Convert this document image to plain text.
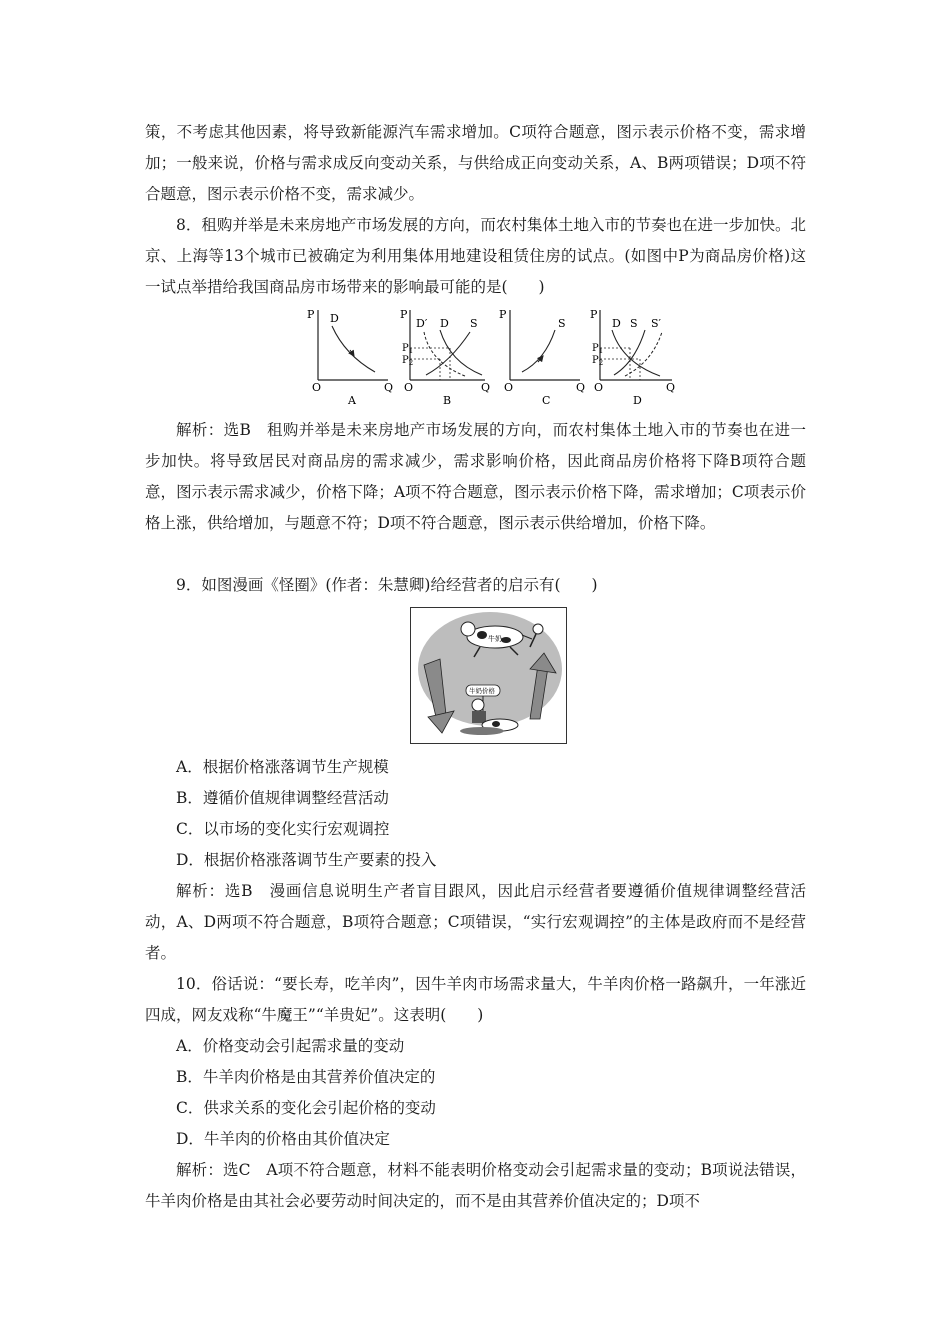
策，不考虑其他因素，将导致新能源汽车需求增加。C项符合题意，图示表示价格不变，需求增加；一般来说，价格与需求成反向变动关系，与供给成正向变动关系，A、B两项错误；D项不符合题意，图示表示价格不变，需求减少。

8．租购并举是未来房地产市场发展的方向，而农村集体土地入市的节奏也在进一步加快。北京、上海等13个城市已被确定为利用集体用地建设租赁住房的试点。(如图中P为商品房价格)这一试点举措给我国商品房市场带来的影响最可能的是(　　)

P D
O	Q
A
P
D′ D S
$P_1$
$P_2$
O	Q
B
P
S
O	Q
C
P
D S S′
$P_1$
$P_2$
O	Q
D

解析：选B　租购并举是未来房地产市场发展的方向，而农村集体土地入市的节奏也在进一步加快。将导致居民对商品房的需求减少，需求影响价格，因此商品房价格将下降B项符合题意，图示表示需求减少，价格下降；A项不符合题意，图示表示价格下降，需求增加；C项表示价格上涨，供给增加，与题意不符；D项不符合题意，图示表示供给增加，价格下降。

9．如图漫画《怪圈》(作者：朱慧卿)给经营者的启示有(　　)

牛奶
牛奶价格

A．根据价格涨落调节生产规模

B．遵循价值规律调整经营活动

C．以市场的变化实行宏观调控

D．根据价格涨落调节生产要素的投入

解析：选B　漫画信息说明生产者盲目跟风，因此启示经营者要遵循价值规律调整经营活动，A、D两项不符合题意，B项符合题意；C项错误，“实行宏观调控”的主体是政府而不是经营者。

10．俗话说：“要长寿，吃羊肉”，因牛羊肉市场需求量大，牛羊肉价格一路飙升，一年涨近四成，网友戏称“牛魔王”“羊贵妃”。这表明(　　)

A．价格变动会引起需求量的变动

B．牛羊肉价格是由其营养价值决定的

C．供求关系的变化会引起价格的变动

D．牛羊肉的价格由其价值决定

解析：选C　A项不符合题意，材料不能表明价格变动会引起需求量的变动；B项说法错误，牛羊肉价格是由其社会必要劳动时间决定的，而不是由其营养价值决定的；D项不
